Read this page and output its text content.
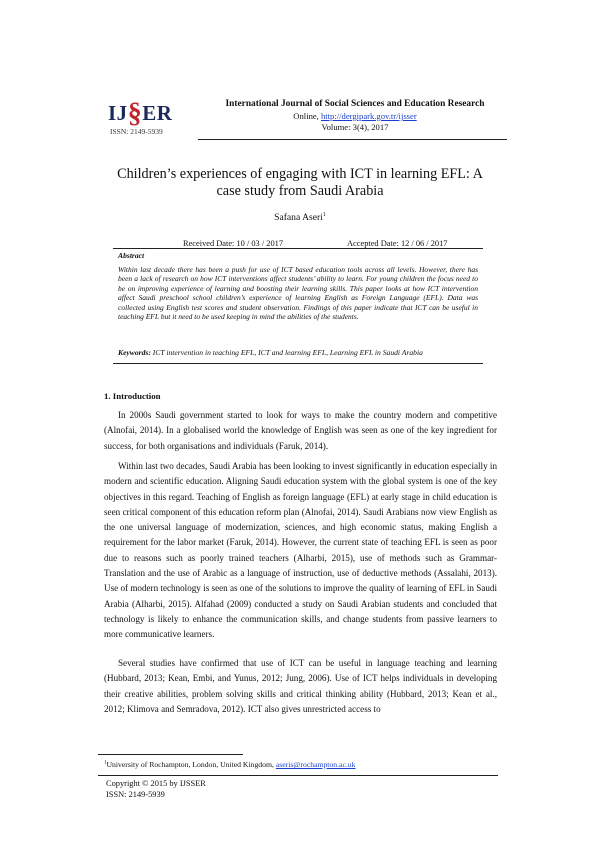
IJ§ER
ISSN: 2149-5939
International Journal of Social Sciences and Education Research
Online, http://dergipark.gov.tr/ijsser
Volume: 3(4), 2017
Children’s experiences of engaging with ICT in learning EFL: A case study from Saudi Arabia
Safana Aseri$^1$
Received Date: 10 / 03 / 2017	Accepted Date: 12 / 06 / 2017
Abstract
Within last decade there has been a push for use of ICT based education tools across all levels. However, there has been a lack of research on how ICT interventions affect students’ ability to learn. For young children the focus need to be on improving experience of learning and boosting their learning skills. This paper looks at how ICT intervention affect Saudi preschool school children’s experience of learning English as Foreign Language (EFL). Data was collected using English test scores and student observation. Findings of this paper indicate that ICT can be useful in teaching EFL but it need to be used keeping in mind the abilities of the students.
Keywords: ICT intervention in teaching EFL, ICT and learning EFL, Learning EFL in Saudi Arabia
1. Introduction
In 2000s Saudi government started to look for ways to make the country modern and competitive (Alnofai, 2014). In a globalised world the knowledge of English was seen as one of the key ingredient for success, for both organisations and individuals (Faruk, 2014).
Within last two decades, Saudi Arabia has been looking to invest significantly in education especially in modern and scientific education. Aligning Saudi education system with the global system is one of the key objectives in this regard. Teaching of English as foreign language (EFL) at early stage in child education is seen critical component of this education reform plan (Alnofai, 2014). Saudi Arabians now view English as the one universal language of modernization, sciences, and high economic status, making English a requirement for the labor market (Faruk, 2014). However, the current state of teaching EFL is seen as poor due to reasons such as poorly trained teachers (Alharbi, 2015), use of methods such as Grammar-Translation and the use of Arabic as a language of instruction, use of deductive methods (Assalahi, 2013). Use of modern technology is seen as one of the solutions to improve the quality of learning of EFL in Saudi Arabia (Alharbi, 2015). Alfahad (2009) conducted a study on Saudi Arabian students and concluded that technology is likely to enhance the communication skills, and change students from passive learners to more communicative learners.
Several studies have confirmed that use of ICT can be useful in language teaching and learning (Hubbard, 2013; Kean, Embi, and Yunus, 2012; Jung, 2006). Use of ICT helps individuals in developing their creative abilities, problem solving skills and critical thinking ability (Hubbard, 2013; Kean et al., 2012; Klimova and Semradova, 2012). ICT also gives unrestricted access to
$^1$University of Rochampton, London, United Kingdom, aseris@rochampton.ac.uk
Copyright © 2015 by IJSSER
ISSN: 2149-5939
